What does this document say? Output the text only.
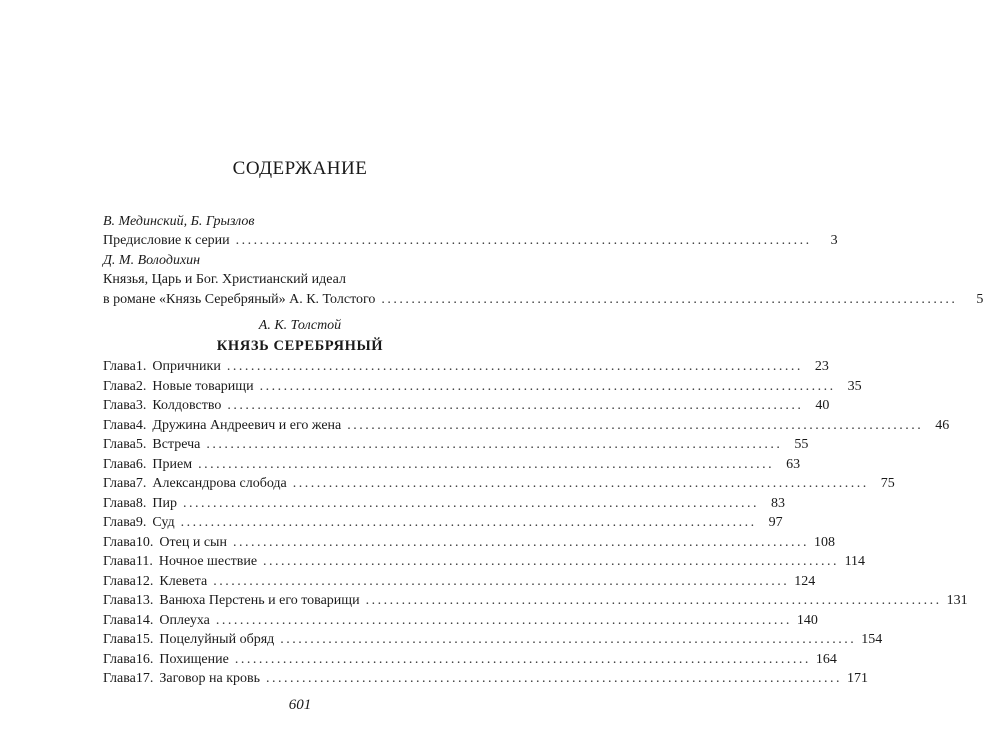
СОДЕРЖАНИЕ
В. Мединский, Б. Грызлов
Предисловие к серии ................................................................................................	3
Д. М. Володихин
Князья, Царь и Бог. Христианский идеал
в романе «Князь Серебряный» А. К. Толстого ................................................................................................	5
А. К. Толстой
КНЯЗЬ СЕРЕБРЯНЫЙ
Глава 1. Опричники ................................................................................................ 23
Глава 2. Новые товарищи ................................................................................................ 35
Глава 3. Колдовство ................................................................................................ 40
Глава 4. Дружина Андреевич и его жена ................................................................................................ 46
Глава 5. Встреча ................................................................................................ 55
Глава 6. Прием ................................................................................................ 63
Глава 7. Александрова слобода ................................................................................................ 75
Глава 8. Пир ................................................................................................ 83
Глава 9. Суд ................................................................................................ 97
Глава 10. Отец и сын ................................................................................................ 108
Глава 11. Ночное шествие ................................................................................................ 114
Глава 12. Клевета ................................................................................................ 124
Глава 13. Ванюха Перстень и его товарищи ................................................................................................ 131
Глава 14. Оплеуха ................................................................................................ 140
Глава 15. Поцелуйный обряд ................................................................................................ 154
Глава 16. Похищение ................................................................................................ 164
Глава 17. Заговор на кровь ................................................................................................ 171
601
